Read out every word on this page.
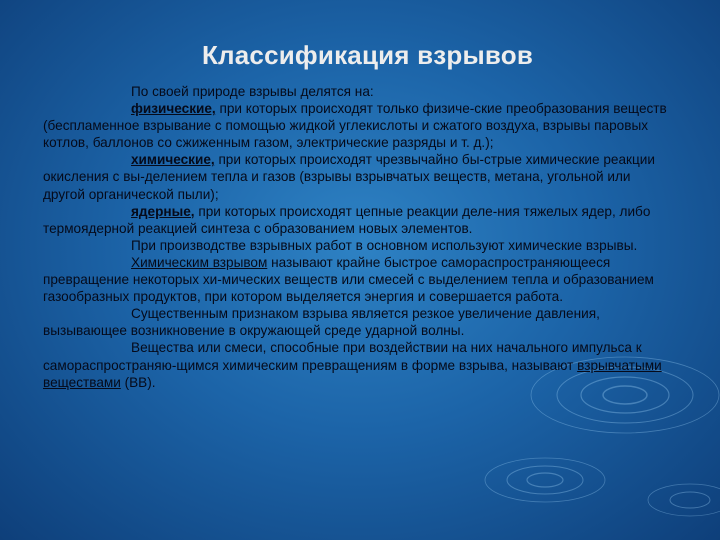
Классификация взрывов

По своей природе взрывы делятся на:

физические, при которых происходят только физиче-ские преобразования веществ (беспламенное взрывание с помощью жидкой углекислоты и сжатого воздуха, взрывы паровых котлов, баллонов со сжиженным газом, электрические разряды и т. д.);

химические, при которых происходят чрезвычайно бы-стрые химические реакции окисления с вы-делением тепла и газов (взрывы взрывчатых веществ, метана, угольной или другой органической пыли);

ядерные, при которых происходят цепные реакции деле-ния тяжелых ядер, либо термоядерной реакцией синтеза с образованием новых элементов.

При производстве взрывных работ в основном используют химические взрывы.

Химическим взрывом называют крайне быстрое самораспространяющееся превращение некоторых хи-мических веществ или смесей с выделением тепла и образованием газообразных продуктов, при котором выделяется энергия и совершается работа.

Существенным признаком взрыва является резкое увеличение давления, вызывающее возникновение в окружающей среде ударной волны.

Вещества или смеси, способные при воздействии на них начального импульса к самораспространяю-щимся химическим превращениям в форме взрыва, называют взрывчатыми веществами (ВВ).
